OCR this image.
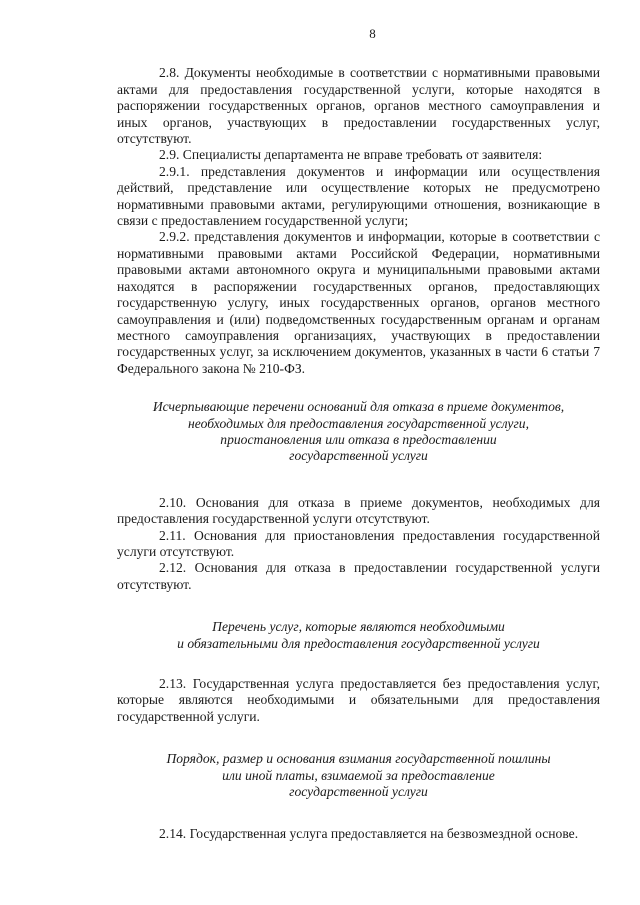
8

2.8. Документы необходимые в соответствии с нормативными правовыми актами для предоставления государственной услуги, которые находятся в распоряжении государственных органов, органов местного самоуправления и иных органов, участвующих в предоставлении государственных услуг, отсутствуют.

2.9. Специалисты департамента не вправе требовать от заявителя:

2.9.1. представления документов и информации или осуществления действий, представление или осуществление которых не предусмотрено нормативными правовыми актами, регулирующими отношения, возникающие в связи с предоставлением государственной услуги;

2.9.2. представления документов и информации, которые в соответствии с нормативными правовыми актами Российской Федерации, нормативными правовыми актами автономного округа и муниципальными правовыми актами находятся в распоряжении государственных органов, предоставляющих государственную услугу, иных государственных органов, органов местного самоуправления и (или) подведомственных государственным органам и органам местного самоуправления организациях, участвующих в предоставлении государственных услуг, за исключением документов, указанных в части 6 статьи 7 Федерального закона № 210-ФЗ.

Исчерпывающие перечени оснований для отказа в приеме документов,
необходимых для предоставления государственной услуги,
приостановления или отказа в предоставлении
государственной услуги

2.10. Основания для отказа в приеме документов, необходимых для предоставления государственной услуги отсутствуют.

2.11. Основания для приостановления предоставления государственной услуги отсутствуют.

2.12. Основания для отказа в предоставлении государственной услуги отсутствуют.

Перечень услуг, которые являются необходимыми
и обязательными для предоставления государственной услуги

2.13. Государственная услуга предоставляется без предоставления услуг, которые являются необходимыми и обязательными для предоставления государственной услуги.

Порядок, размер и основания взимания государственной пошлины
или иной платы, взимаемой за предоставление
государственной услуги

2.14. Государственная услуга предоставляется на безвозмездной основе.
